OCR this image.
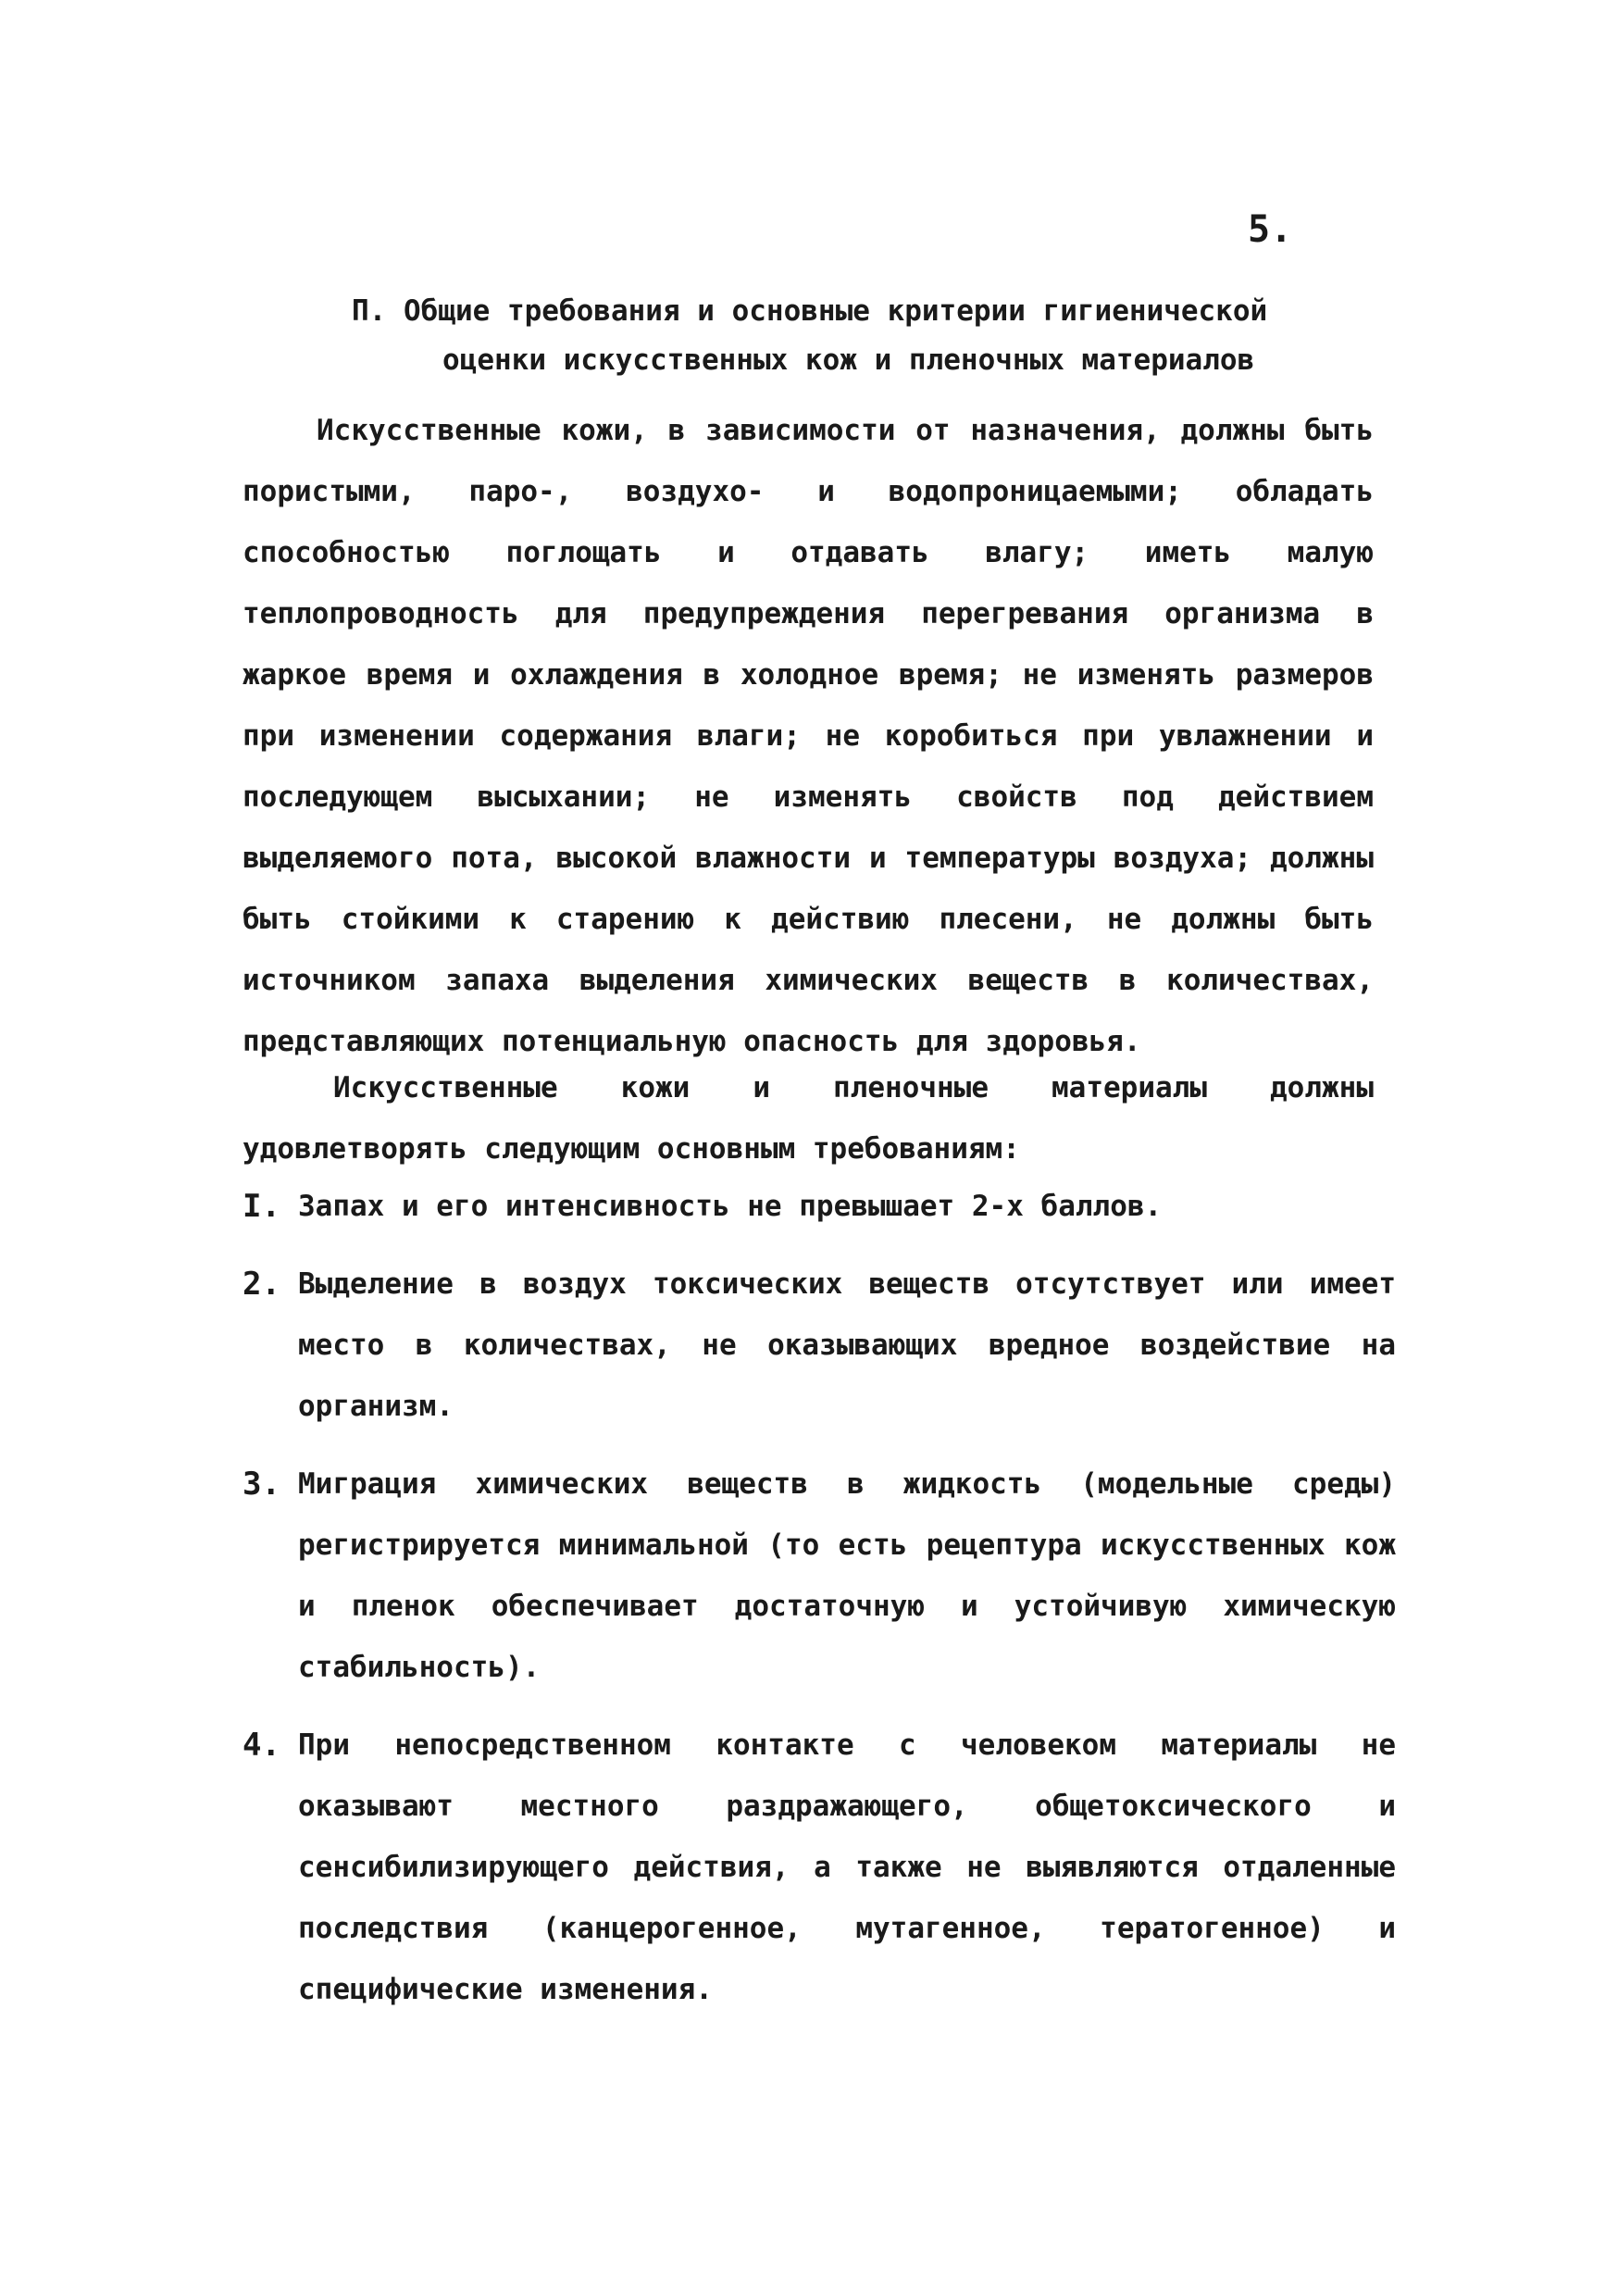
5.
П. Общие требования и основные критерии гигиенической
оценки искусственных кож и пленочных материалов

Искусственные кожи, в зависимости от назначения, должны быть пористыми, паро-, воздухо- и водопроницаемыми; обладать способностью поглощать и отдавать влагу; иметь малую теплопроводность для предупреждения перегревания организма в жаркое время и охлаждения в холодное время; не изменять размеров при изменении содержания влаги; не коробиться при увлажнении и последующем высыхании; не изменять свойств под действием выделяемого пота, высокой влажности и температуры воздуха; должны быть стойкими к старению к действию плесени, не должны быть источником запаха выделения химических веществ в количествах, представляющих потенциальную опасность для здоровья.

Искусственные кожи и пленочные материалы должны удовлетворять следующим основным требованиям:

I. Запах и его интенсивность не превышает 2-х баллов.
2. Выделение в воздух токсических веществ отсутствует или имеет место в количествах, не оказывающих вредное воздействие на организм.
3. Миграция химических веществ в жидкость (модельные среды) регистрируется минимальной (то есть рецептура искусственных кож и пленок обеспечивает достаточную и устойчивую химическую стабильность).
4. При непосредственном контакте с человеком материалы не оказывают местного раздражающего, общетоксического и сенсибилизирующего действия, а также не выявляются отдаленные последствия (канцерогенное, мутагенное, тератогенное) и специфические изменения.
